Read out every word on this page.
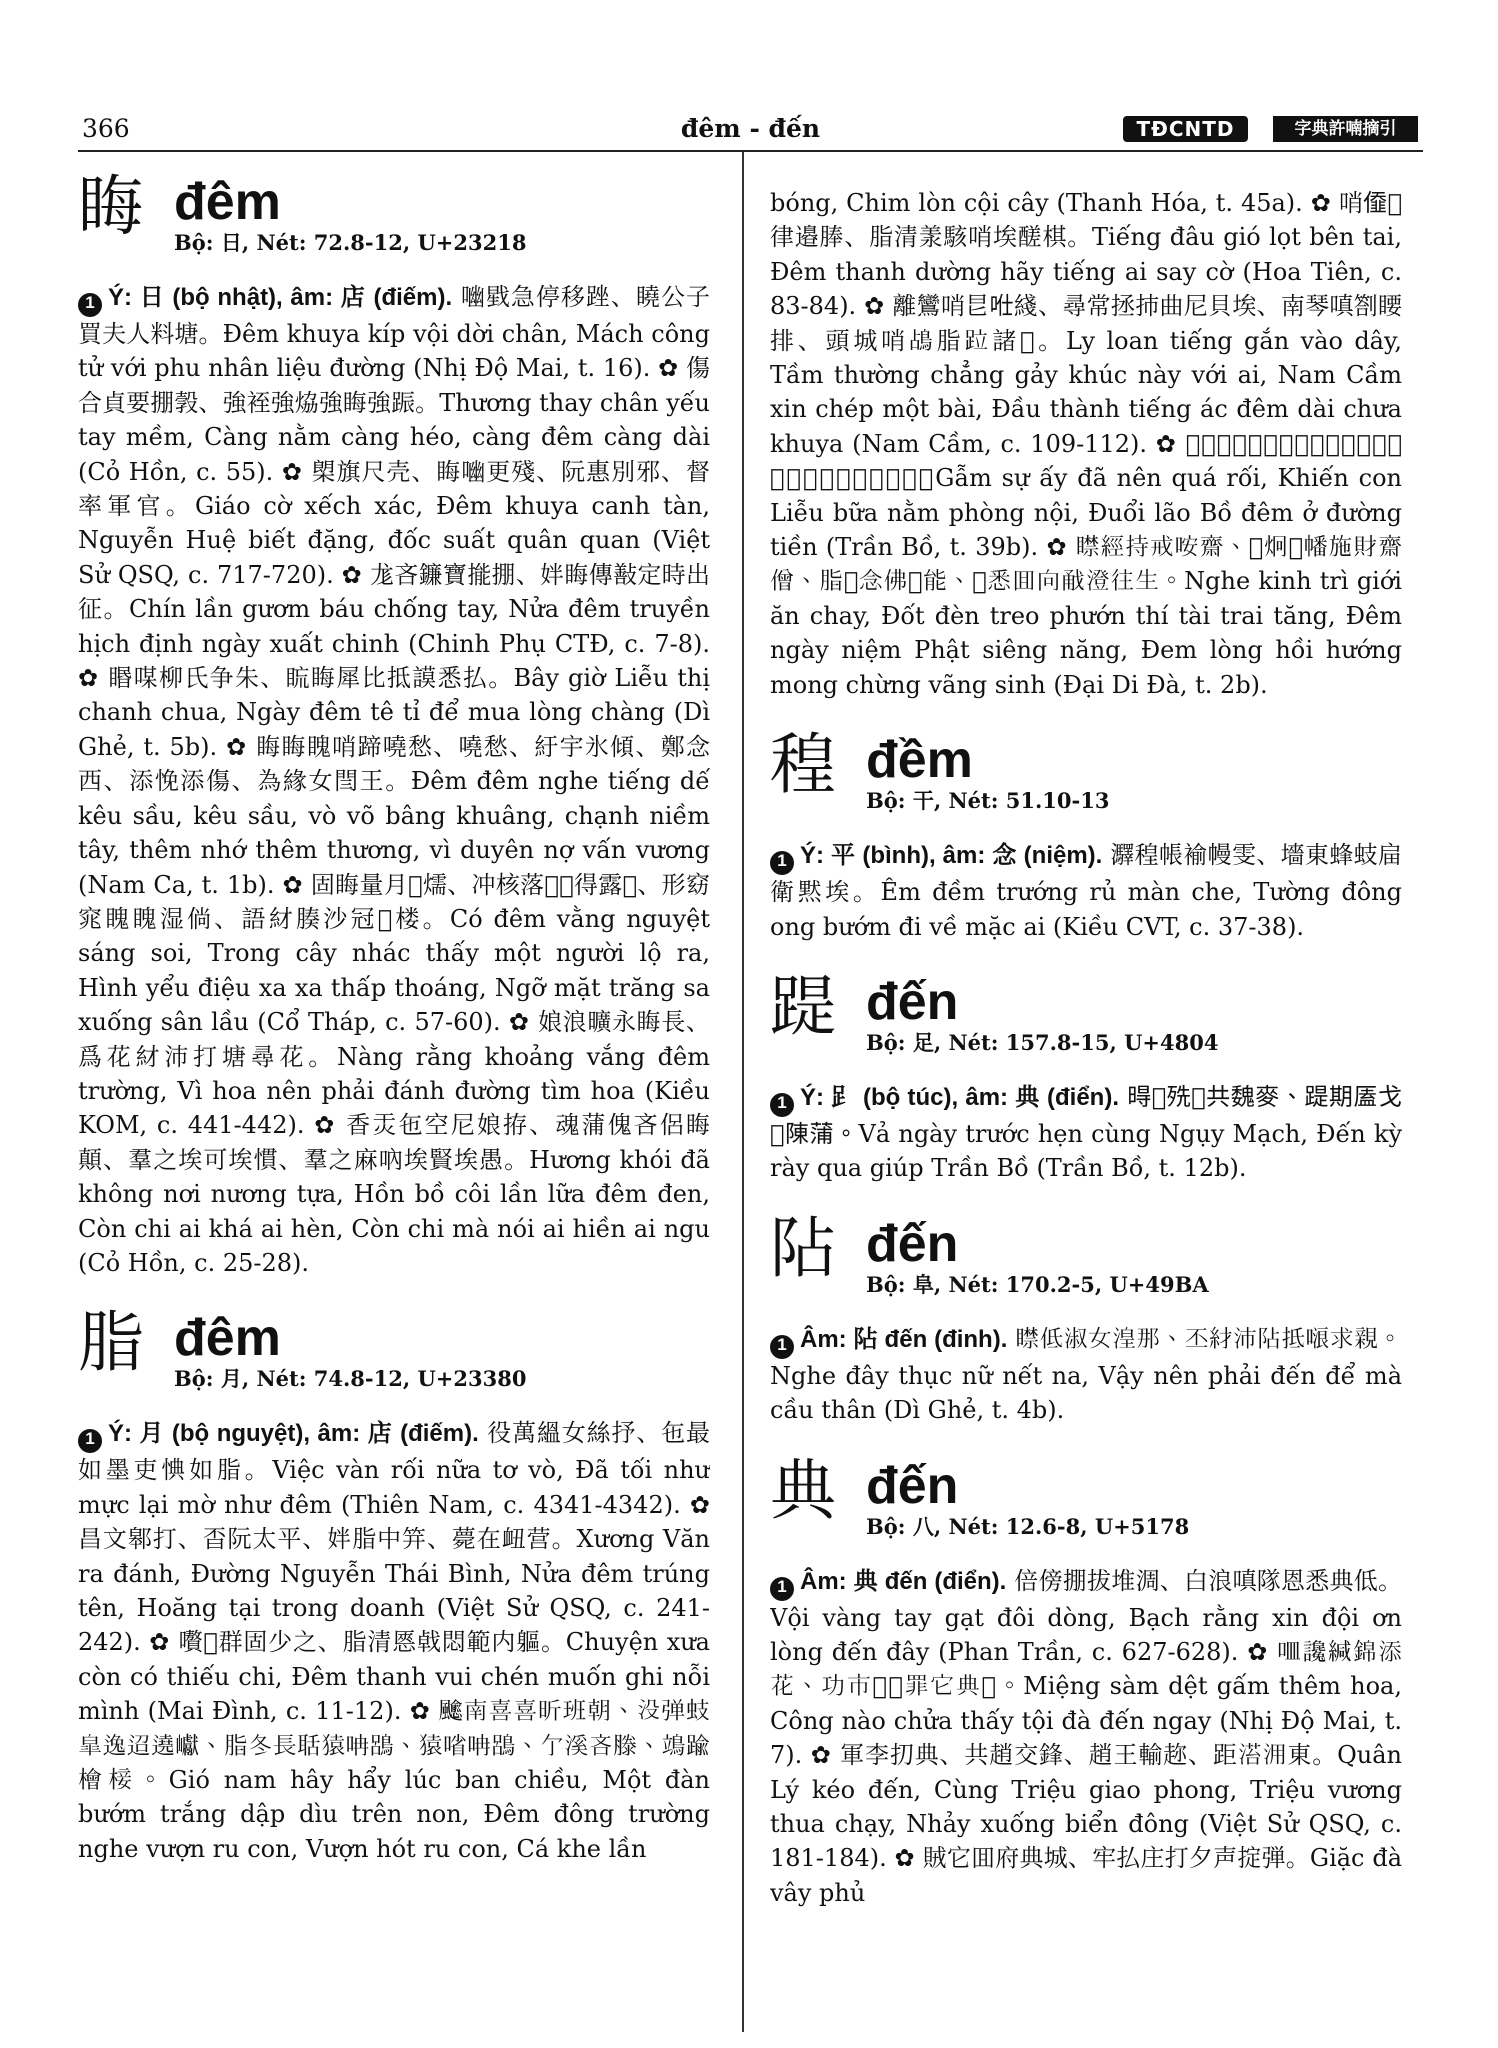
366	đêm - đến	TĐCNTD	字典許喃摘引
䀲 đêm
Bộ: 日, Nét: 72.8-12, U+23218

1 Ý: 日 (bộ nhật), âm: 店 (điếm). 㗀戥急停移䟶、䁱公子買夫人料塘。Đêm khuya kíp vội dời chân, Mách công tử với phu nhân liệu đường (Nhị Độ Mai, t. 16). ✿ 傷合貞要掤㝅、強䘭強㶸強䀲強䟴。Thương thay chân yếu tay mềm, Càng nằm càng héo, càng đêm càng dài (Cỏ Hồn, c. 55). ✿ 㮾旗尺壳、䀲㗀更殘、阮惠別邪、督率軍官。Giáo cờ xếch xác, Đêm khuya canh tàn, Nguyễn Huệ biết đặng, đốc suất quân quan (Việt Sử QSQ, c. 717-720). ✿ 尨吝鐮寶㨢掤、姅䀲傳㪨定時出征。Chín lần gươm báu chống tay, Nửa đêm truyền hịch định ngày xuất chinh (Chinh Phụ CTĐ, c. 7-8). ✿ 䁕㖼柳氏争朱、䀮䀲犀比抵謨悉払。Bây giờ Liễu thị chanh chua, Ngày đêm tê tỉ để mua lòng chàng (Dì Ghẻ, t. 5b). ✿ 䀲䀲䁛哨蹄嘵愁、嘵愁、紆宇氷傾、鄭念西、添悗添傷、為緣女閆王。Đêm đêm nghe tiếng dế kêu sầu, kêu sầu, vò võ bâng khuâng, chạnh niềm tây, thêm nhớ thêm thương, vì duyên nợ vấn vương (Nam Ca, t. 1b). ✿ 固䀲量月𤑟燸、冲核落𦣰𡬷得露𦲰、形窈窕䁛䁛湿倘、語䊷腠沙冠𣟺楼。Có đêm vằng nguyệt sáng soi, Trong cây nhác thấy một người lộ ra, Hình yểu điệu xa xa thấp thoáng, Ngỡ mặt trăng sa xuống sân lầu (Cổ Tháp, c. 57-60). ✿ 娘浪曠永䀲長、爲花䊷沛打塘尋花。Nàng rằng khoảng vắng đêm trường, Vì hoa nên phải đánh đường tìm hoa (Kiều KOM, c. 441-442). ✿ 香㶣㐌空尼娘拵、魂蒲傀吝侶䀲顛、羣之埃可埃慣、羣之麻吶埃賢埃愚。Hương khói đã không nơi nương tựa, Hồn bồ côi lần lữa đêm đen, Còn chi ai khá ai hèn, Còn chi mà nói ai hiền ai ngu (Cỏ Hồn, c. 25-28).

脂 đêm
Bộ: 月, Nét: 74.8-12, U+23380

1 Ý: 月 (bộ nguyệt), âm: 店 (điếm). 役萬縕女絲抒、㐌最如墨吏㥏如脂。Việc vàn rối nữa tơ vò, Đã tối như mực lại mờ như đêm (Thiên Nam, c. 4341-4342). ✿ 昌文䣗打、㫘阮太平、姅脂中笄、薨在衄营。Xương Văn ra đánh, Đường Nguyễn Thái Bình, Nửa đêm trúng tên, Hoăng tại trong doanh (Việt Sử QSQ, c. 241-242). ✿ 嚽𥋳群固少之、脂清㥦㦸悶範内軀。Chuyện xưa còn có thiếu chi, Đêm thanh vui chén muốn ghi nỗi mình (Mai Đình, c. 11-12). ✿ 𩙍南喜喜昕班朝、没弹蚑皐逸迢遶巘、脂冬長聒猿呥𪁳、猿㗂呥𪁳、亇溪吝滕、鴗踰檜椄。Gió nam hây hẩy lúc ban chiều, Một đàn bướm trắng dập dìu trên non, Đêm đông trường nghe vượn ru con, Vượn hót ru con, Cá khe lần

bóng, Chim lòn cội cây (Thanh Hóa, t. 45a). ✿ 哨𠎷𤞦律邉䏾、脂清羕駭哨埃醝棋。Tiếng đâu gió lọt bên tai, Đêm thanh dường hãy tiếng ai say cờ (Hoa Tiên, c. 83-84). ✿ 離鸞哨㫐𠱊綫、尋常拯㧊曲尼貝埃、南琴嗔劄䁏排、頭城哨𪀄脂𨀎諸𣋚。Ly loan tiếng gắn vào dây, Tầm thường chẳng gảy khúc này với ai, Nam Cầm xin chép một bài, Đầu thành tiếng ác đêm dài chưa khuya (Nam Cầm, c. 109-112). ✿ 𡁞事意㐌𢤞過紂、遣𪁳柳䫋䘭房内、㨂老蒲脂𧿨堂前。Gẫm sự ấy đã nên quá rối, Khiến con Liễu bữa nằm phòng nội, Đuổi lão Bồ đêm ở đường tiền (Trần Bồ, t. 39b). ✿ 𥋴經持戒咹齋、𤇮炯𢭲幡施財齋僧、脂𦖑念佛𠢞能、𠓨悉囬向㦷澄往生。Nghe kinh trì giới ăn chay, Đốt đèn treo phướn thí tài trai tăng, Đêm ngày niệm Phật siêng năng, Đem lòng hồi hướng mong chừng vãng sinh (Đại Di Đà, t. 2b).

䅣 đềm
Bộ: 干, Nét: 51.10-13

1 Ý: 平 (bình), âm: 念 (niệm). 㶠䅣帳褕幔雯、墻東蜂蚑㧂衛黙埃。Êm đềm trướng rủ màn che, Tường đông ong bướm đi về mặc ai (Kiều CVT, c. 37-38).

踶 đến
Bộ: 足, Nét: 157.8-15, U+4804

1 Ý: 𧾷 (bộ túc), âm: 典 (điển). 𣈜𦖑㱡𥆾共魏麥、踶期㕎戈𣋾陳蒲。Vả ngày trước hẹn cùng Ngụy Mạch, Đến kỳ rày qua giúp Trần Bồ (Trần Bồ, t. 12b).

阽 đến
Bộ: 阜, Nét: 170.2-5, U+49BA

1 Âm: 阽 đến (đinh). 𥋴低淑女湟那、丕䊷沛阽抵𠺘求親。Nghe đây thục nữ nết na, Vậy nên phải đến để mà cầu thân (Dì Ghẻ, t. 4b).

典 đến
Bộ: 八, Nét: 12.6-8, U+5178

1 Âm: 典 đến (điển). 倍傍掤拔堆淍、白浪嗔隊恩悉典低。Vội vàng tay gạt đôi dòng, Bạch rằng xin đội ơn lòng đến đây (Phan Trần, c. 627-628). ✿ 𠰘讒緘錦添花、功市𤁕𣦍罪它典𤴬。Miệng sàm dệt gấm thêm hoa, Công nào chửa thấy tội đà đến ngay (Nhị Độ Mai, t. 7). ✿ 軍李㧅典、共趙交鋒、趙王輸趂、距𣹓𣳔東。Quân Lý kéo đến, Cùng Triệu giao phong, Triệu vương thua chạy, Nhảy xuống biển đông (Việt Sử QSQ, c. 181-184). ✿ 賊它囬府典城、牢払庄打夕声掟弾。Giặc đà vây phủ
